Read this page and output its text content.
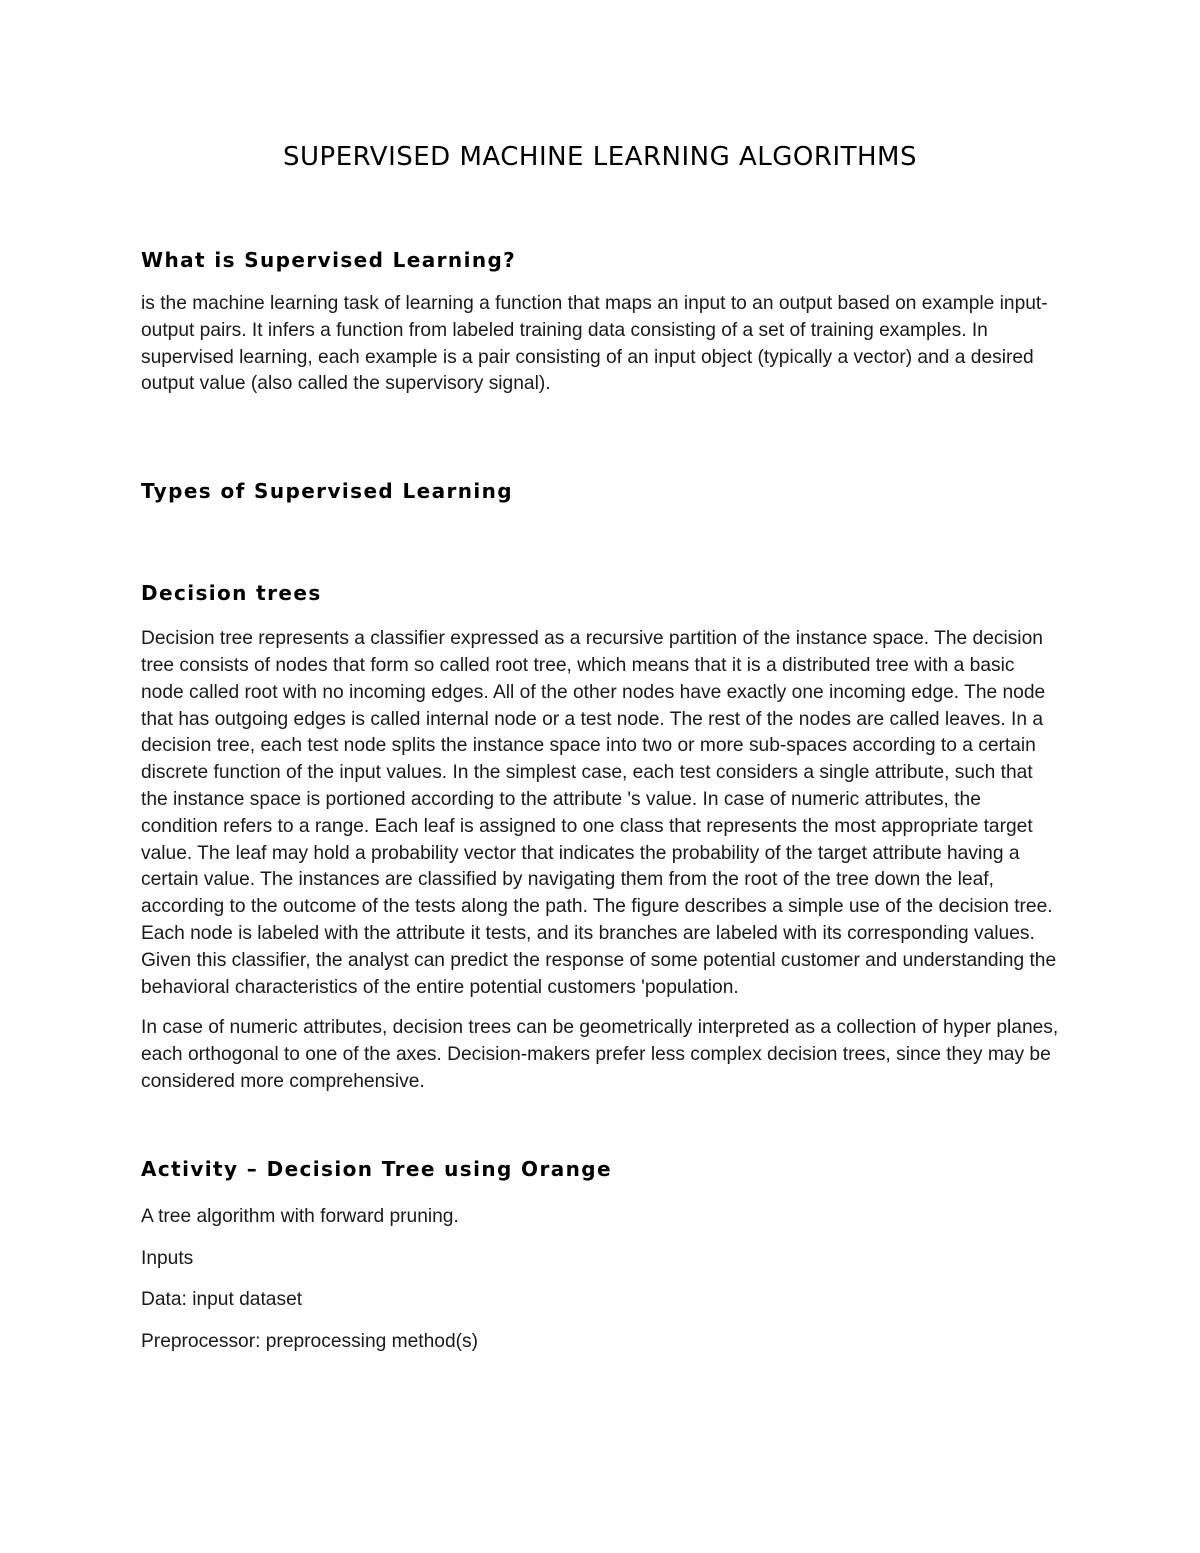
SUPERVISED MACHINE LEARNING ALGORITHMS
What is Supervised Learning?

is the machine learning task of learning a function that maps an input to an output based on example input-output pairs. It infers a function from labeled training data consisting of a set of training examples. In supervised learning, each example is a pair consisting of an input object (typically a vector) and a desired output value (also called the supervisory signal).

Types of Supervised Learning
Decision trees

Decision tree represents a classifier expressed as a recursive partition of the instance space. The decision tree consists of nodes that form so called root tree, which means that it is a distributed tree with a basic node called root with no incoming edges. All of the other nodes have exactly one incoming edge. The node that has outgoing edges is called internal node or a test node. The rest of the nodes are called leaves. In a decision tree, each test node splits the instance space into two or more sub-spaces according to a certain discrete function of the input values. In the simplest case, each test considers a single attribute, such that the instance space is portioned according to the attribute 's value. In case of numeric attributes, the condition refers to a range. Each leaf is assigned to one class that represents the most appropriate target value. The leaf may hold a probability vector that indicates the probability of the target attribute having a certain value. The instances are classified by navigating them from the root of the tree down the leaf, according to the outcome of the tests along the path. The figure describes a simple use of the decision tree. Each node is labeled with the attribute it tests, and its branches are labeled with its corresponding values. Given this classifier, the analyst can predict the response of some potential customer and understanding the behavioral characteristics of the entire potential customers 'population.

In case of numeric attributes, decision trees can be geometrically interpreted as a collection of hyper planes, each orthogonal to one of the axes. Decision-makers prefer less complex decision trees, since they may be considered more comprehensive.

Activity – Decision Tree using Orange

A tree algorithm with forward pruning.

Inputs

Data: input dataset

Preprocessor: preprocessing method(s)
